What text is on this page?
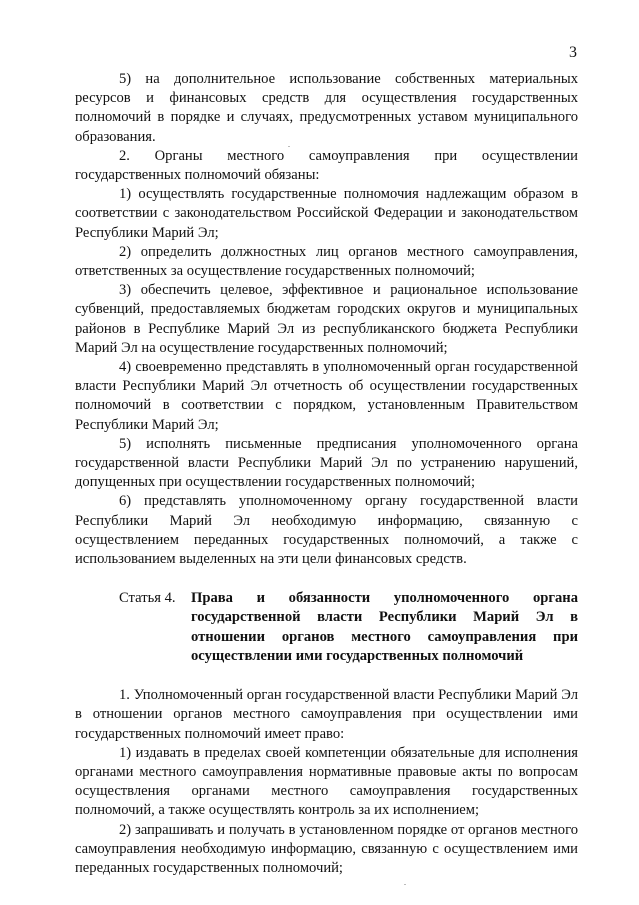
3

5) на дополнительное использование собственных материальных ресурсов и финансовых средств для осуществления государственных полномочий в порядке и случаях, предусмотренных уставом муниципального образования.

2. Органы местного самоуправления при осуществлении государственных полномочий обязаны:

1) осуществлять государственные полномочия надлежащим образом в соответствии с законодательством Российской Федерации и законодательством Республики Марий Эл;

2) определить должностных лиц органов местного самоуправления, ответственных за осуществление государственных полномочий;

3) обеспечить целевое, эффективное и рациональное использование субвенций, предоставляемых бюджетам городских округов и муниципальных районов в Республике Марий Эл из республиканского бюджета Республики Марий Эл на осуществление государственных полномочий;

4) своевременно представлять в уполномоченный орган государственной власти Республики Марий Эл отчетность об осуществлении государственных полномочий в соответствии с порядком, установленным Правительством Республики Марий Эл;

5) исполнять письменные предписания уполномоченного органа государственной власти Республики Марий Эл по устранению нарушений, допущенных при осуществлении государственных полномочий;

6) представлять уполномоченному органу государственной власти Республики Марий Эл необходимую информацию, связанную с осуществлением переданных государственных полномочий, а также с использованием выделенных на эти цели финансовых средств.

Статья 4.	Права и обязанности уполномоченного органа государственной власти Республики Марий Эл в отношении органов местного самоуправления при осуществлении ими государственных полномочий

1. Уполномоченный орган государственной власти Республики Марий Эл в отношении органов местного самоуправления при осуществлении ими государственных полномочий имеет право:

1) издавать в пределах своей компетенции обязательные для исполнения органами местного самоуправления нормативные правовые акты по вопросам осуществления органами местного самоуправления государственных полномочий, а также осуществлять контроль за их исполнением;

2) запрашивать и получать в установленном порядке от органов местного самоуправления необходимую информацию, связанную с осуществлением ими переданных государственных полномочий;
